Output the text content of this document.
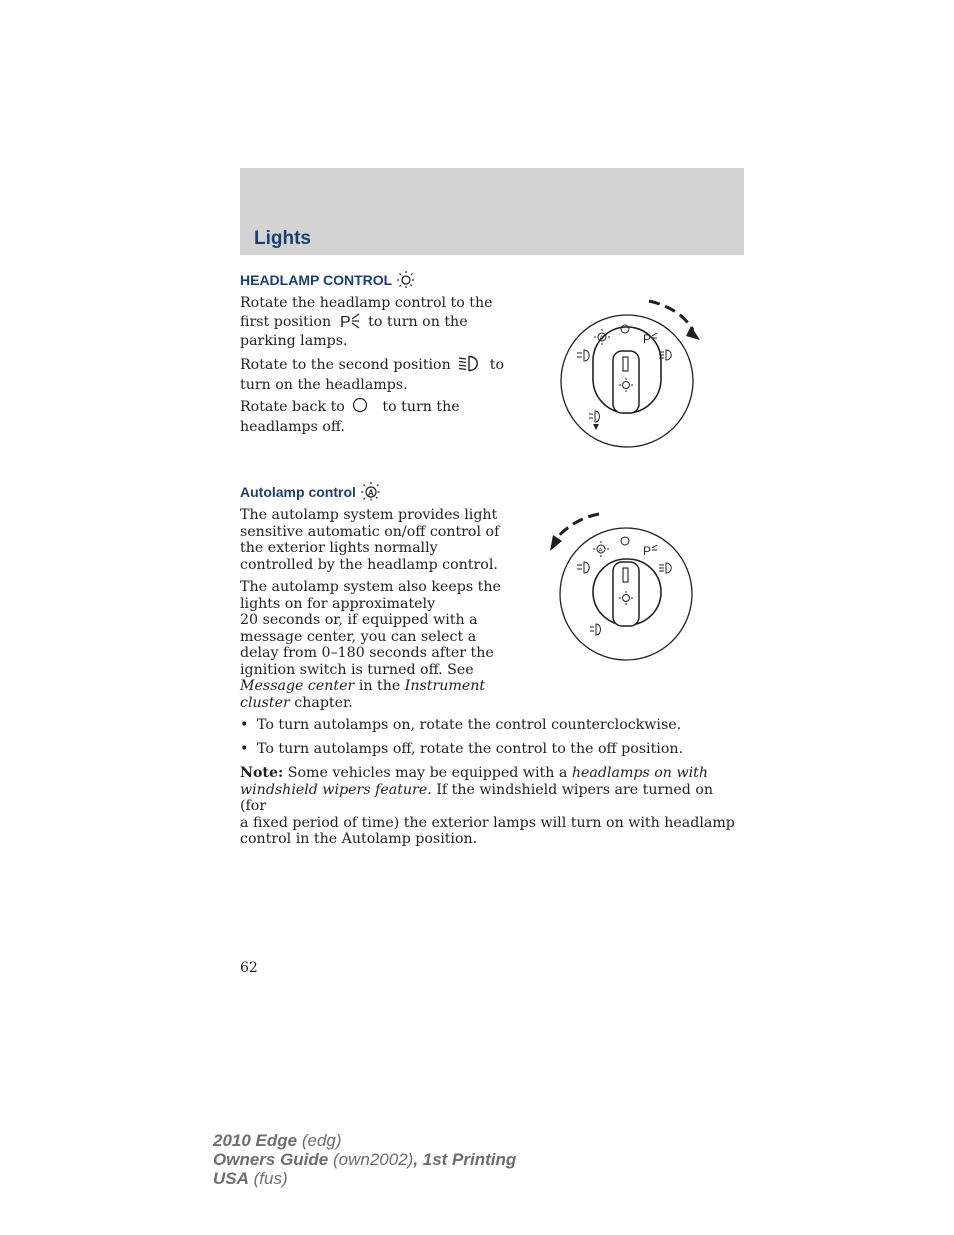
Lights
HEADLAMP CONTROL

Rotate the headlamp control to the
first position P to turn on the
parking lamps.

Rotate to the second position	to
turn on the headlamps.

Rotate back to	to turn the
headlamps off.

A	P
Autolamp control A

The autolamp system provides light
sensitive automatic on/off control of
the exterior lights normally
controlled by the headlamp control.

The autolamp system also keeps the
lights on for approximately
20 seconds or, if equipped with a
message center, you can select a
delay from 0–180 seconds after the
ignition switch is turned off. See
Message center in the Instrument
cluster chapter.

A	P
• To turn autolamps on, rotate the control counterclockwise.
• To turn autolamps off, rotate the control to the off position.

Note: Some vehicles may be equipped with a headlamps on with
windshield wipers feature. If the windshield wipers are turned on (for
a fixed period of time) the exterior lamps will turn on with headlamp
control in the Autolamp position.

62
2010 Edge (edg)
Owners Guide (own2002), 1st Printing
USA (fus)
